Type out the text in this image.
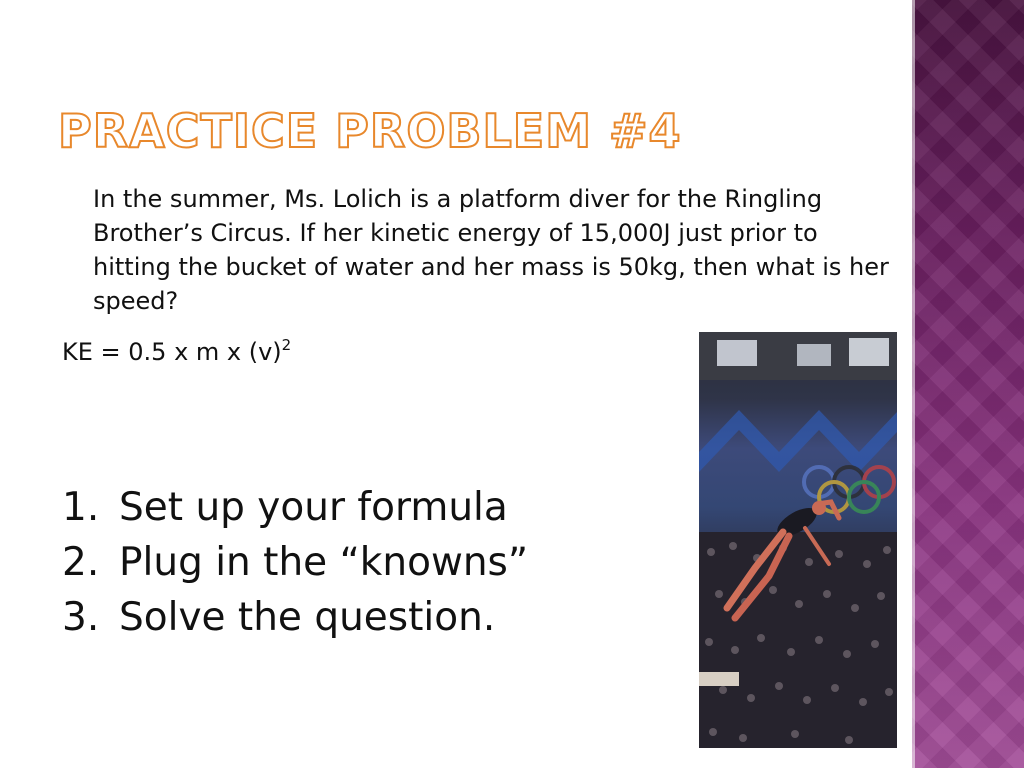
PRACTICE PROBLEM #4

In the summer, Ms. Lolich is a platform diver for the Ringling Brother’s Circus. If her kinetic energy of 15,000J just prior to hitting the bucket of water and her mass is 50kg, then what is her speed?

KE = 0.5 x m x $(v)^2$
1. Set up your formula
2. Plug in the “knowns”
3. Solve the question.
